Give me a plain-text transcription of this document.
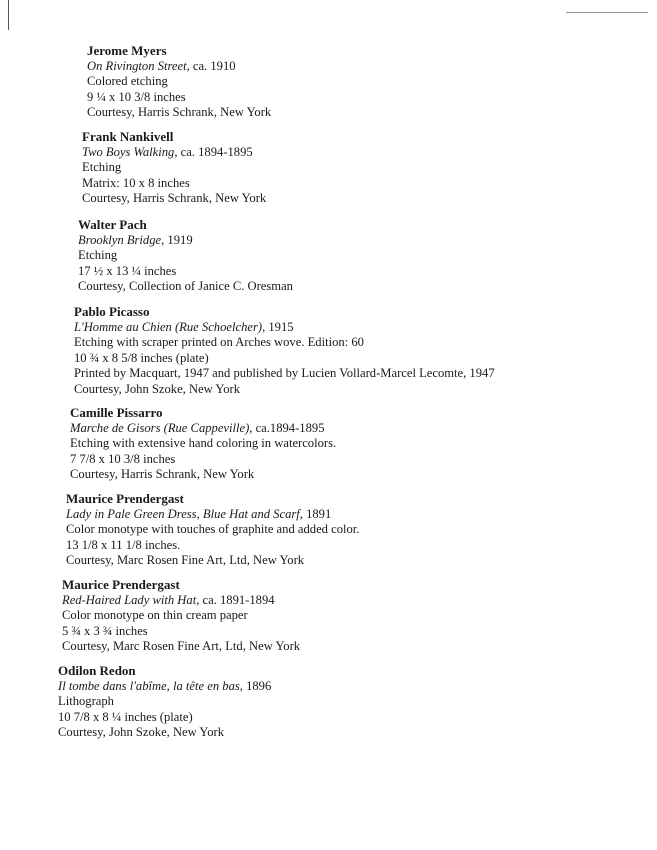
Jerome Myers
On Rivington Street, ca. 1910
Colored etching
9 ¼ x 10 3/8 inches
Courtesy, Harris Schrank, New York
Frank Nankivell
Two Boys Walking, ca. 1894-1895
Etching
Matrix: 10 x 8 inches
Courtesy, Harris Schrank, New York
Walter Pach
Brooklyn Bridge, 1919
Etching
17 ½ x 13 ¼ inches
Courtesy, Collection of Janice C. Oresman
Pablo Picasso
L'Homme au Chien (Rue Schoelcher), 1915
Etching with scraper printed on Arches wove. Edition: 60
10 ¾ x 8 5/8 inches (plate)
Printed by Macquart, 1947 and published by Lucien Vollard-Marcel Lecomte, 1947
Courtesy, John Szoke, New York
Camille Pissarro
Marche de Gisors (Rue Cappeville), ca.1894-1895
Etching with extensive hand coloring in watercolors.
7 7/8 x 10 3/8 inches
Courtesy, Harris Schrank, New York
Maurice Prendergast
Lady in Pale Green Dress, Blue Hat and Scarf, 1891
Color monotype with touches of graphite and added color.
13 1/8 x 11 1/8 inches.
Courtesy, Marc Rosen Fine Art, Ltd, New York
Maurice Prendergast
Red-Haired Lady with Hat, ca. 1891-1894
Color monotype on thin cream paper
5 ¾ x 3 ¾ inches
Courtesy, Marc Rosen Fine Art, Ltd, New York
Odilon Redon
Il tombe dans l'abîme, la tête en bas, 1896
Lithograph
10 7/8 x 8 ¼ inches (plate)
Courtesy, John Szoke, New York
